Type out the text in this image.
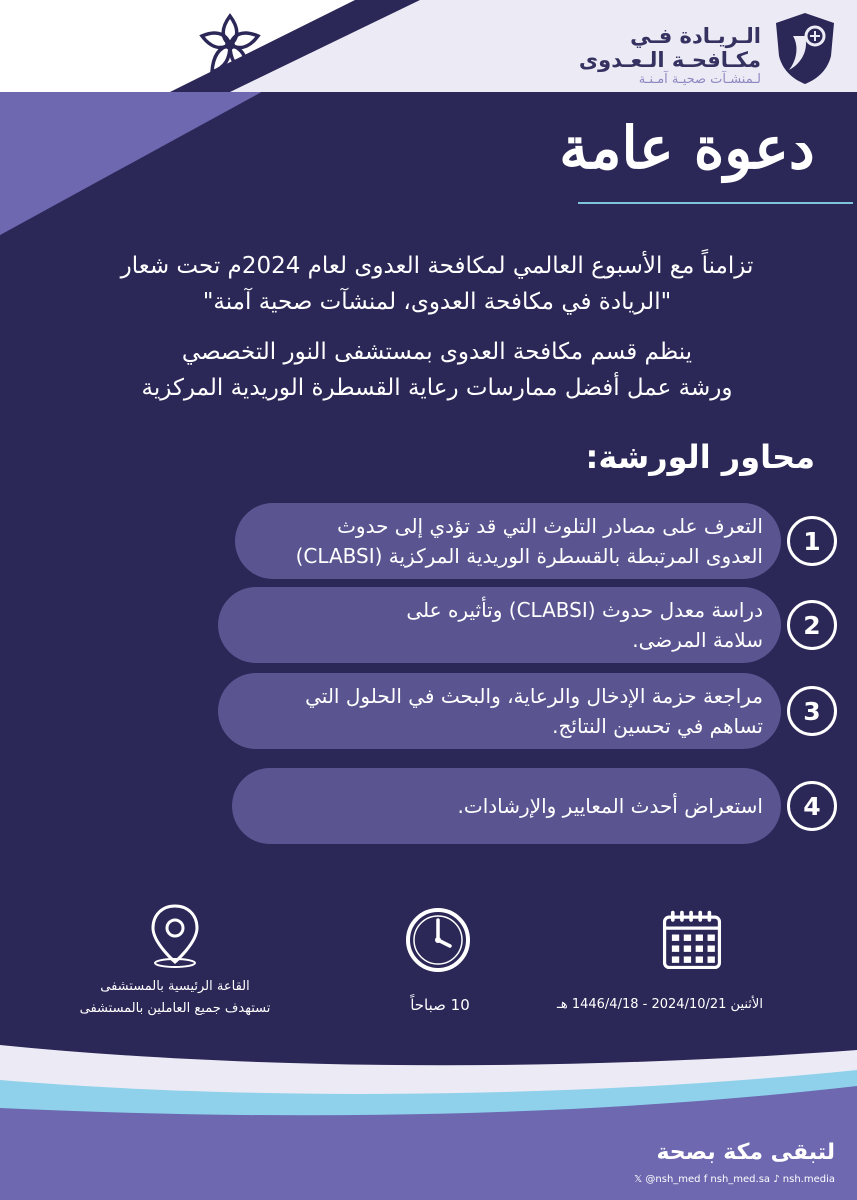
مستشفى النور التخصصي
Al-Noor Specialist Hospital
الـريـادة فـي
مكـافحـة الـعـدوى
لـمنشـآت صحيـة آمـنـة
دعوة عامة

تزامناً مع الأسبوع العالمي لمكافحة العدوى لعام 2024م تحت شعار

"الريادة في مكافحة العدوى، لمنشآت صحية آمنة"

ينظم قسم مكافحة العدوى بمستشفى النور التخصصي

ورشة عمل أفضل ممارسات رعاية القسطرة الوريدية المركزية

محاور الورشة:
التعرف على مصادر التلوث التي قد تؤدي إلى حدوث
العدوى المرتبطة بالقسطرة الوريدية المركزية (CLABSI)
1
دراسة معدل حدوث (CLABSI) وتأثيره على
سلامة المرضى.
2
مراجعة حزمة الإدخال والرعاية، والبحث في الحلول التي
تساهم في تحسين النتائج.
3
استعراض أحدث المعايير والإرشادات.	4
القاعة الرئيسية بالمستشفى
تستهدف جميع العاملين بالمستشفى	10 صباحاً	الأثنين 2024/10/21 - 1446/4/18 هـ
لتبقى مكة بصحة
𝕏 @nsh_med f nsh_med.sa ♪ nsh.media
